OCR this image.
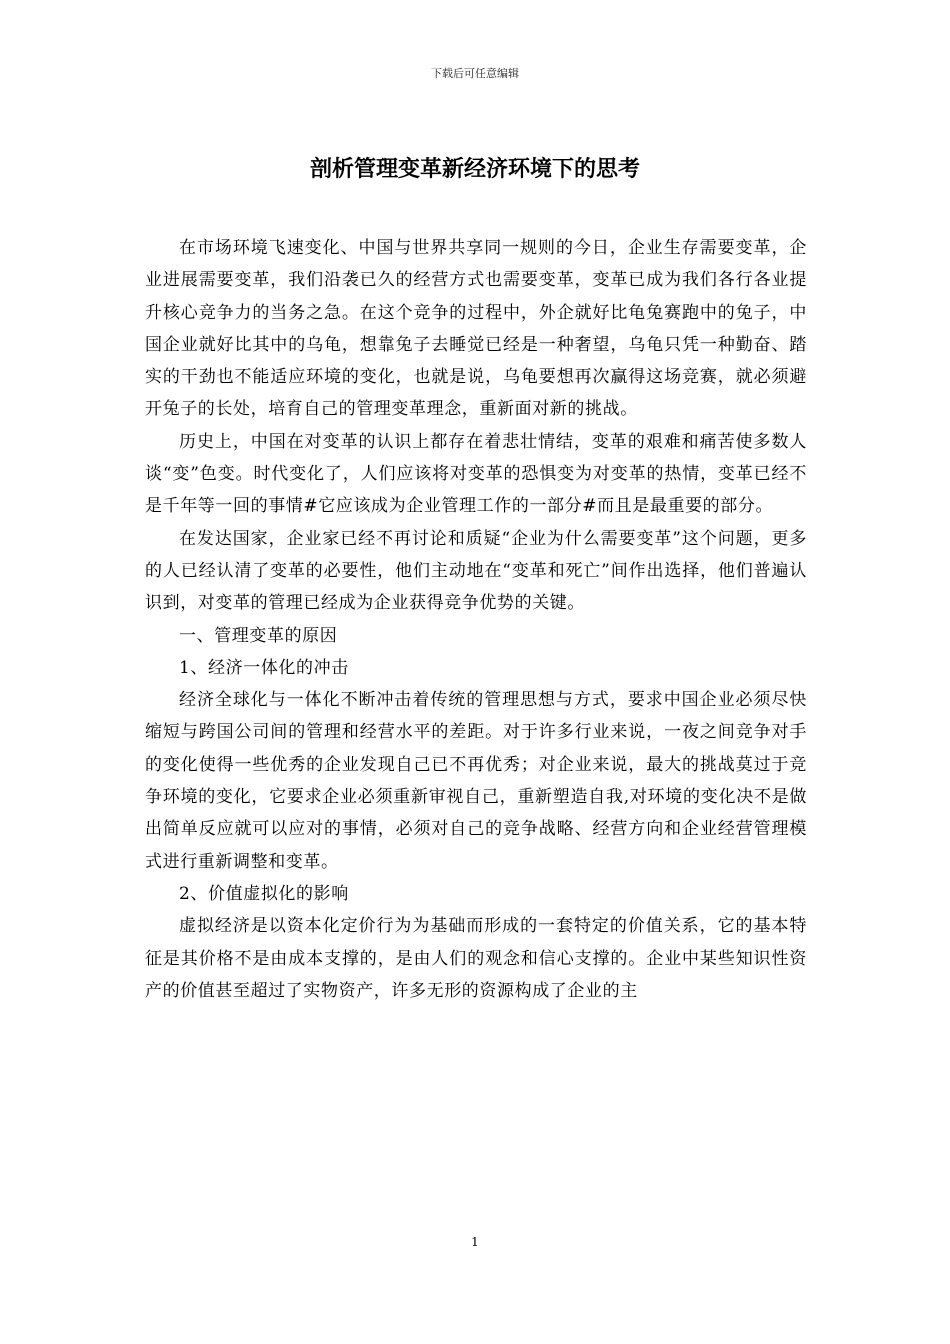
下载后可任意编辑
剖析管理变革新经济环境下的思考

在市场环境飞速变化、中国与世界共享同一规则的今日，企业生存需要变革，企业进展需要变革，我们沿袭已久的经营方式也需要变革，变革已成为我们各行各业提升核心竞争力的当务之急。在这个竞争的过程中，外企就好比龟兔赛跑中的兔子，中国企业就好比其中的乌龟，想靠兔子去睡觉已经是一种奢望，乌龟只凭一种勤奋、踏实的干劲也不能适应环境的变化，也就是说，乌龟要想再次赢得这场竞赛，就必须避开兔子的长处，培育自己的管理变革理念，重新面对新的挑战。

历史上，中国在对变革的认识上都存在着悲壮情结，变革的艰难和痛苦使多数人谈“变”色变。时代变化了，人们应该将对变革的恐惧变为对变革的热情，变革已经不是千年等一回的事情#它应该成为企业管理工作的一部分#而且是最重要的部分。

在发达国家，企业家已经不再讨论和质疑“企业为什么需要变革”这个问题，更多的人已经认清了变革的必要性，他们主动地在“变革和死亡”间作出选择，他们普遍认识到，对变革的管理已经成为企业获得竞争优势的关键。

一、管理变革的原因

1、经济一体化的冲击

经济全球化与一体化不断冲击着传统的管理思想与方式，要求中国企业必须尽快缩短与跨国公司间的管理和经营水平的差距。对于许多行业来说，一夜之间竞争对手的变化使得一些优秀的企业发现自己已不再优秀；对企业来说，最大的挑战莫过于竞争环境的变化，它要求企业必须重新审视自己，重新塑造自我,对环境的变化决不是做出简单反应就可以应对的事情，必须对自己的竞争战略、经营方向和企业经营管理模式进行重新调整和变革。

2、价值虚拟化的影响

虚拟经济是以资本化定价行为为基础而形成的一套特定的价值关系，它的基本特征是其价格不是由成本支撑的，是由人们的观念和信心支撑的。企业中某些知识性资产的价值甚至超过了实物资产，许多无形的资源构成了企业的主

1
